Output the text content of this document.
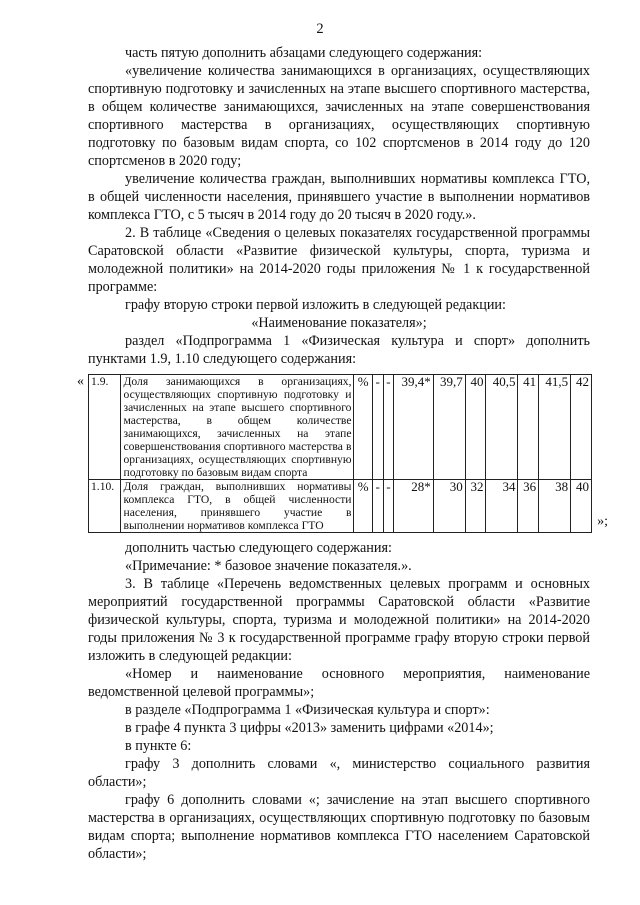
2

часть пятую дополнить абзацами следующего содержания:

«увеличение количества занимающихся в организациях, осуществляющих спортивную подготовку и зачисленных на этапе высшего спортивного мастерства, в общем количестве занимающихся, зачисленных на этапе совершенствования спортивного мастерства в организациях, осуществляющих спортивную подготовку по базовым видам спорта, со 102 спортсменов в 2014 году до 120 спортсменов в 2020 году;

увеличение количества граждан, выполнивших нормативы комплекса ГТО, в общей численности населения, принявшего участие в выполнении нормативов комплекса ГТО, с 5 тысяч в 2014 году до 20 тысяч в 2020 году.».

2. В таблице «Сведения о целевых показателях государственной программы Саратовской области «Развитие физической культуры, спорта, туризма и молодежной политики» на 2014-2020 годы приложения № 1 к государственной программе:

графу вторую строки первой изложить в следующей редакции:

«Наименование показателя»;

раздел «Подпрограмма 1 «Физическая культура и спорт» дополнить пунктами 1.9, 1.10 следующего содержания:

« 1.9.	Доля занимающихся в организациях, осуществляющих спортивную подготовку и зачисленных на этапе высшего спортивного мастерства, в общем количестве занимающихся, зачисленных на этапе совершенствования спортивного мастерства в организациях, осуществляющих спортивную подготовку по базовым видам спорта	%	-	-	39,4*	39,7	40	40,5	41	41,5	42
1.10.	Доля граждан, выполнивших нормативы комплекса ГТО, в общей численности населения, принявшего участие в выполнении нормативов комплекса ГТО	%	-	-	28*	30	32	34	36	38	40
»;

дополнить частью следующего содержания:

«Примечание: * базовое значение показателя.».

3. В таблице «Перечень ведомственных целевых программ и основных мероприятий государственной программы Саратовской области «Развитие физической культуры, спорта, туризма и молодежной политики» на 2014-2020 годы приложения № 3 к государственной программе графу вторую строки первой изложить в следующей редакции:

«Номер и наименование основного мероприятия, наименование ведомственной целевой программы»;

в разделе «Подпрограмма 1 «Физическая культура и спорт»:

в графе 4 пункта 3 цифры «2013» заменить цифрами «2014»;

в пункте 6:

графу 3 дополнить словами «, министерство социального развития области»;

графу 6 дополнить словами «; зачисление на этап высшего спортивного мастерства в организациях, осуществляющих спортивную подготовку по базовым видам спорта; выполнение нормативов комплекса ГТО населением Саратовской области»;
